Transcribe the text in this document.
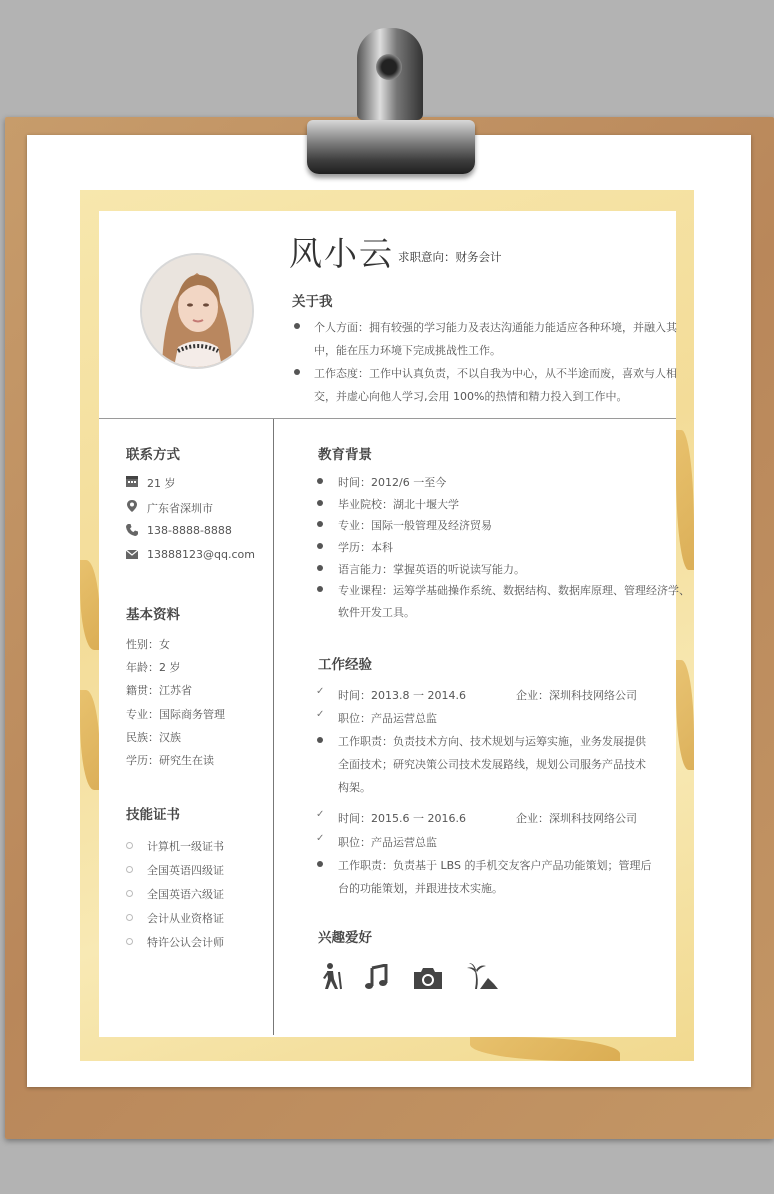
风小云 求职意向：财务会计
关于我
个人方面：拥有较强的学习能力及表达沟通能力能适应各种环境，并融入其
中，能在压力环境下完成挑战性工作。
工作态度：工作中认真负责，不以自我为中心，从不半途而废，喜欢与人相
交，并虚心向他人学习,会用 100%的热情和精力投入到工作中。
联系方式
21 岁
广东省深圳市
138-8888-8888
13888123@qq.com
基本资料
性别：女
年龄：2 岁
籍贯：江苏省
专业：国际商务管理
民族：汉族
学历：研究生在读
技能证书
计算机一级证书
全国英语四级证
全国英语六级证
会计从业资格证
特许公认会计师
教育背景
时间：2012/6 一至今
毕业院校：湖北十堰大学
专业：国际一般管理及经济贸易
学历：本科
语言能力：掌握英语的听说读写能力。
专业课程：运筹学基础操作系统、数据结构、数据库原理、管理经济学、
软件开发工具。
工作经验
✓ 时间：2013.8 一 2014.6	企业：深圳科技网络公司
✓ 职位：产品运营总监
工作职责：负责技术方向、技术规划与运筹实施，业务发展提供
全面技术；研究决策公司技术发展路线，规划公司服务产品技术
构架。
✓ 时间：2015.6 一 2016.6	企业：深圳科技网络公司
✓ 职位：产品运营总监
工作职责：负责基于 LBS 的手机交友客户产品功能策划；管理后
台的功能策划，并跟进技术实施。
兴趣爱好
